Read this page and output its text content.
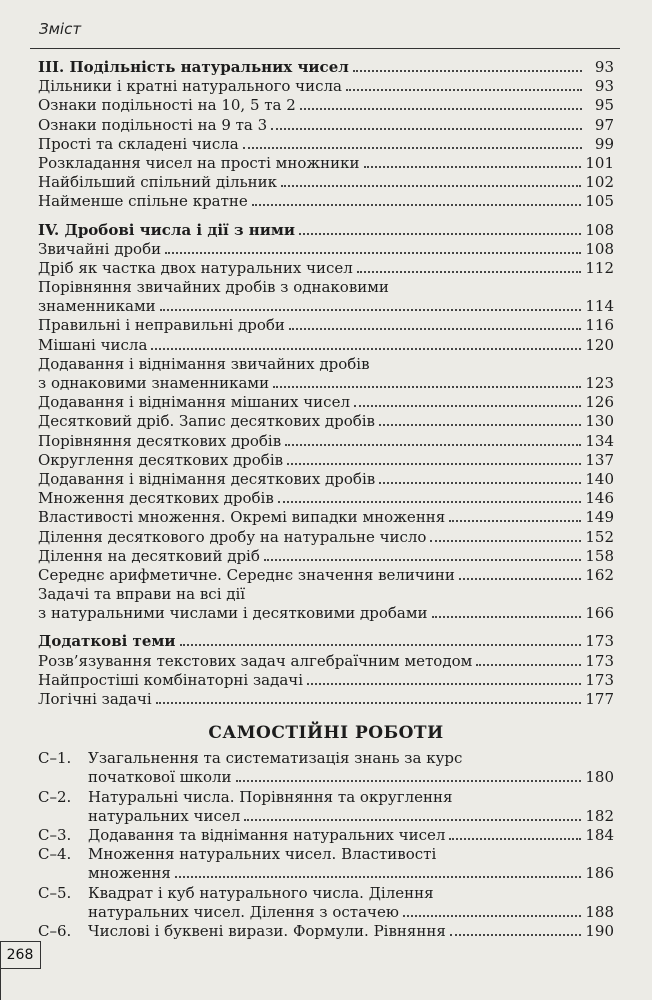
Зміст
III. Подільність натуральних чисел	93
Дільники і кратні натурального числа	93
Ознаки подільності на 10, 5 та 2	95
Ознаки подільності на 9 та 3	97
Прості та складені числа	99
Розкладання чисел на прості множники	101
Найбільший спільний дільник	102
Найменше спільне кратне	105
IV. Дробові числа і дії з ними	108
Звичайні дроби	108
Дріб як частка двох натуральних чисел	112
Порівняння звичайних дробів з однаковими
знаменниками	114
Правильні і неправильні дроби	116
Мішані числа	120
Додавання і віднімання звичайних дробів
з однаковими знаменниками	123
Додавання і віднімання мішаних чисел	126
Десятковий дріб. Запис десяткових дробів	130
Порівняння десяткових дробів	134
Округлення десяткових дробів	137
Додавання і віднімання десяткових дробів	140
Множення десяткових дробів	146
Властивості множення. Окремі випадки множення	149
Ділення десяткового дробу на натуральне число	152
Ділення на десятковий дріб	158
Середнє арифметичне. Середнє значення величини	162
Задачі та вправи на всі дії
з натуральними числами і десятковими дробами	166
Додаткові теми	173
Розв’язування текстових задач алгебраїчним методом	173
Найпростіші комбінаторні задачі	173
Логічні задачі	177
САМОСТІЙНІ РОБОТИ
С–1. Узагальнення та систематизація знань за курс
початкової школи	180
С–2. Натуральні числа. Порівняння та округлення
натуральних чисел	182
С–3.	Додавання та віднімання натуральних чисел	184
С–4. Множення натуральних чисел. Властивості
множення	186
С–5. Квадрат і куб натурального числа. Ділення
натуральних чисел. Ділення з остачею	188
С–6.	Числові і буквені вирази. Формули. Рівняння	190
268
